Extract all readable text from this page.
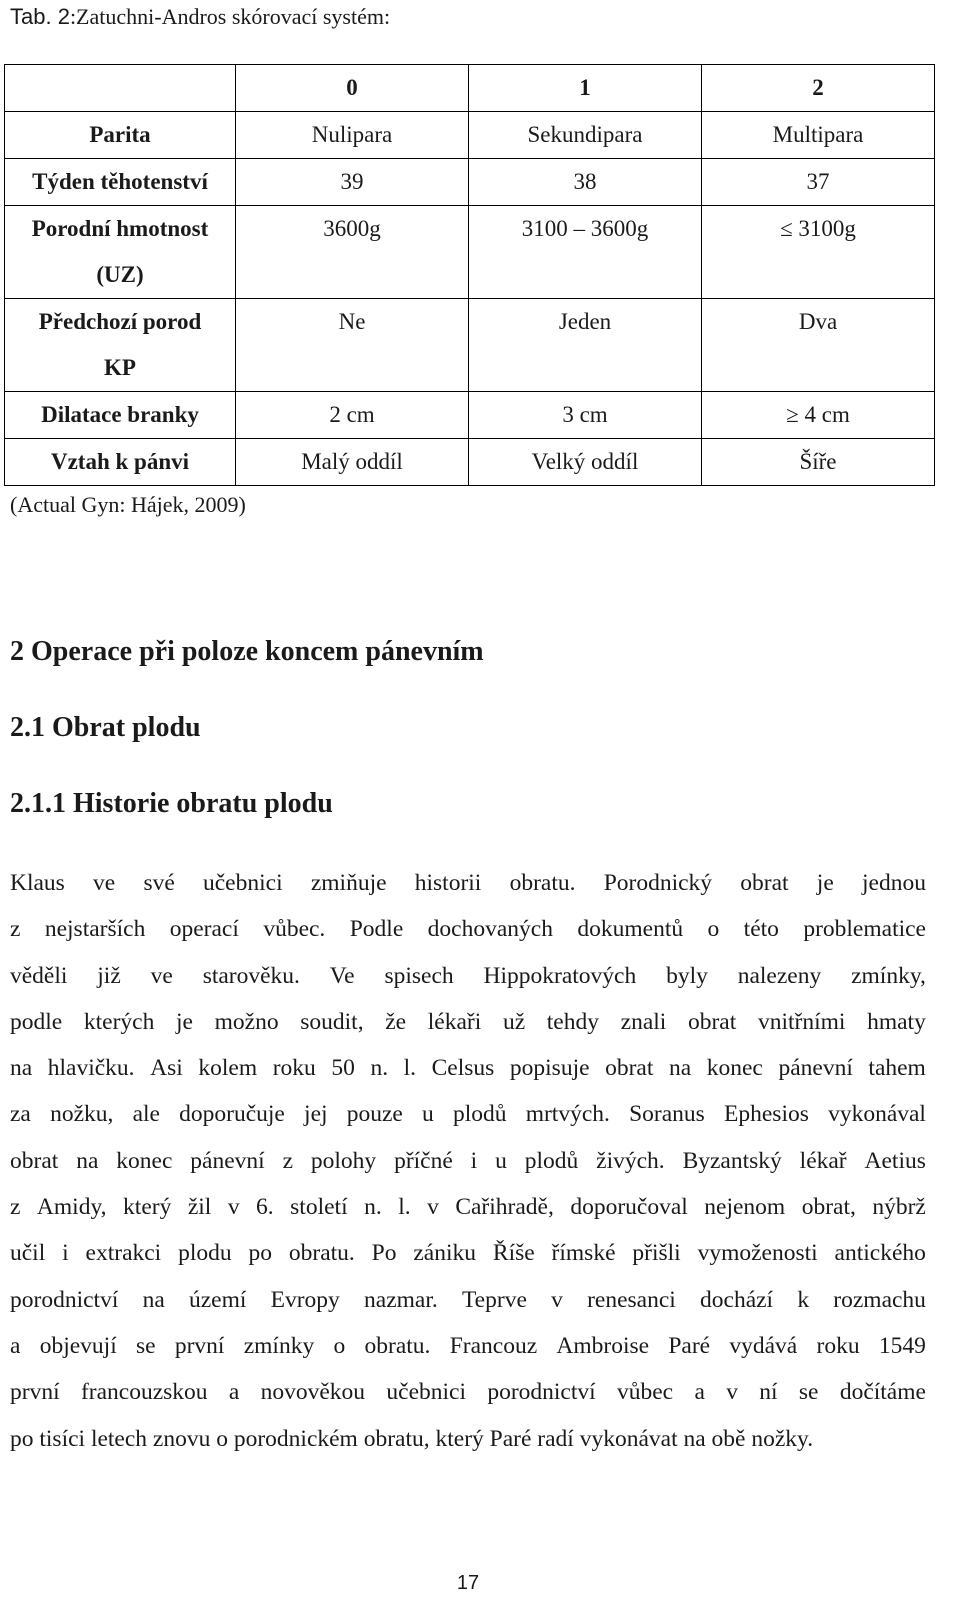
Tab. 2:Zatuchni-Andros skórovací systém:
	0	1	2
Parita	Nulipara	Sekundipara	Multipara
Týden těhotenství	39	38	37
Porodní hmotnost	3600g	3100 – 3600g	≤ 3100g
(UZ)			
Předchozí porod	Ne	Jeden	Dva
KP			
Dilatace branky	2 cm	3 cm	≥ 4 cm
Vztah k pánvi	Malý oddíl	Velký oddíl	Šíře
(Actual Gyn: Hájek, 2009)
2 Operace při poloze koncem pánevním
2.1 Obrat plodu
2.1.1 Historie obratu plodu
Klaus ve své učebnici zmiňuje historii obratu. Porodnický obrat je jednou
z nejstarších operací vůbec. Podle dochovaných dokumentů o této problematice
věděli již ve starověku. Ve spisech Hippokratových byly nalezeny zmínky,
podle kterých je možno soudit, že lékaři už tehdy znali obrat vnitřními hmaty
na hlavičku. Asi kolem roku 50 n. l. Celsus popisuje obrat na konec pánevní tahem
za nožku, ale doporučuje jej pouze u plodů mrtvých. Soranus Ephesios vykonával
obrat na konec pánevní z polohy příčné i u plodů živých. Byzantský lékař Aetius
z Amidy, který žil v 6. století n. l. v Cařihradě, doporučoval nejenom obrat, nýbrž
učil i extrakci plodu po obratu. Po zániku Říše římské přišli vymoženosti antického
porodnictví na území Evropy nazmar. Teprve v renesanci dochází k rozmachu
a objevují se první zmínky o obratu. Francouz Ambroise Paré vydává roku 1549
první francouzskou a novověkou učebnici porodnictví vůbec a v ní se dočítáme
po tisíci letech znovu o porodnickém obratu, který Paré radí vykonávat na obě nožky.
17
